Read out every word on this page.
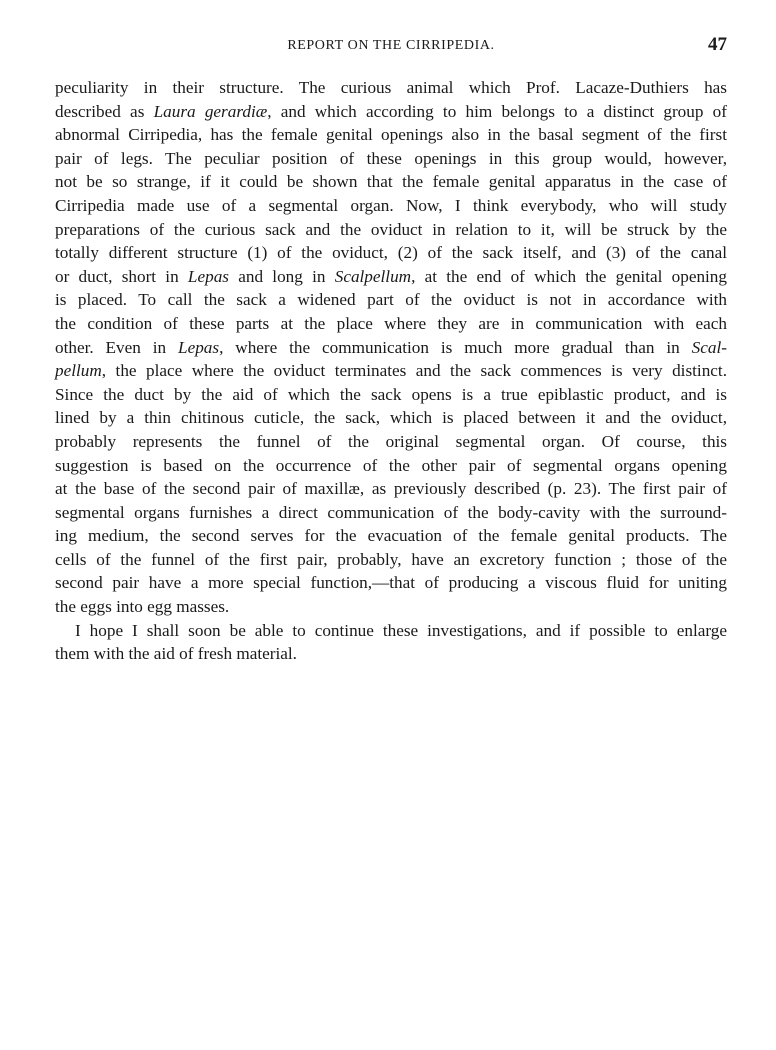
REPORT ON THE CIRRIPEDIA.	47
peculiarity in their structure. The curious animal which Prof. Lacaze-Duthiers has
described as Laura gerardiæ, and which according to him belongs to a distinct group of
abnormal Cirripedia, has the female genital openings also in the basal segment of the first
pair of legs. The peculiar position of these openings in this group would, however,
not be so strange, if it could be shown that the female genital apparatus in the case of
Cirripedia made use of a segmental organ. Now, I think everybody, who will study
preparations of the curious sack and the oviduct in relation to it, will be struck by the
totally different structure (1) of the oviduct, (2) of the sack itself, and (3) of the canal
or duct, short in Lepas and long in Scalpellum, at the end of which the genital opening
is placed. To call the sack a widened part of the oviduct is not in accordance with
the condition of these parts at the place where they are in communication with each
other. Even in Lepas, where the communication is much more gradual than in Scal-
pellum, the place where the oviduct terminates and the sack commences is very distinct.
Since the duct by the aid of which the sack opens is a true epiblastic product, and is
lined by a thin chitinous cuticle, the sack, which is placed between it and the oviduct,
probably represents the funnel of the original segmental organ. Of course, this
suggestion is based on the occurrence of the other pair of segmental organs opening
at the base of the second pair of maxillæ, as previously described (p. 23). The first pair of
segmental organs furnishes a direct communication of the body-cavity with the surround-
ing medium, the second serves for the evacuation of the female genital products. The
cells of the funnel of the first pair, probably, have an excretory function ; those of the
second pair have a more special function,—that of producing a viscous fluid for uniting
the eggs into egg masses.
I hope I shall soon be able to continue these investigations, and if possible to enlarge
them with the aid of fresh material.
